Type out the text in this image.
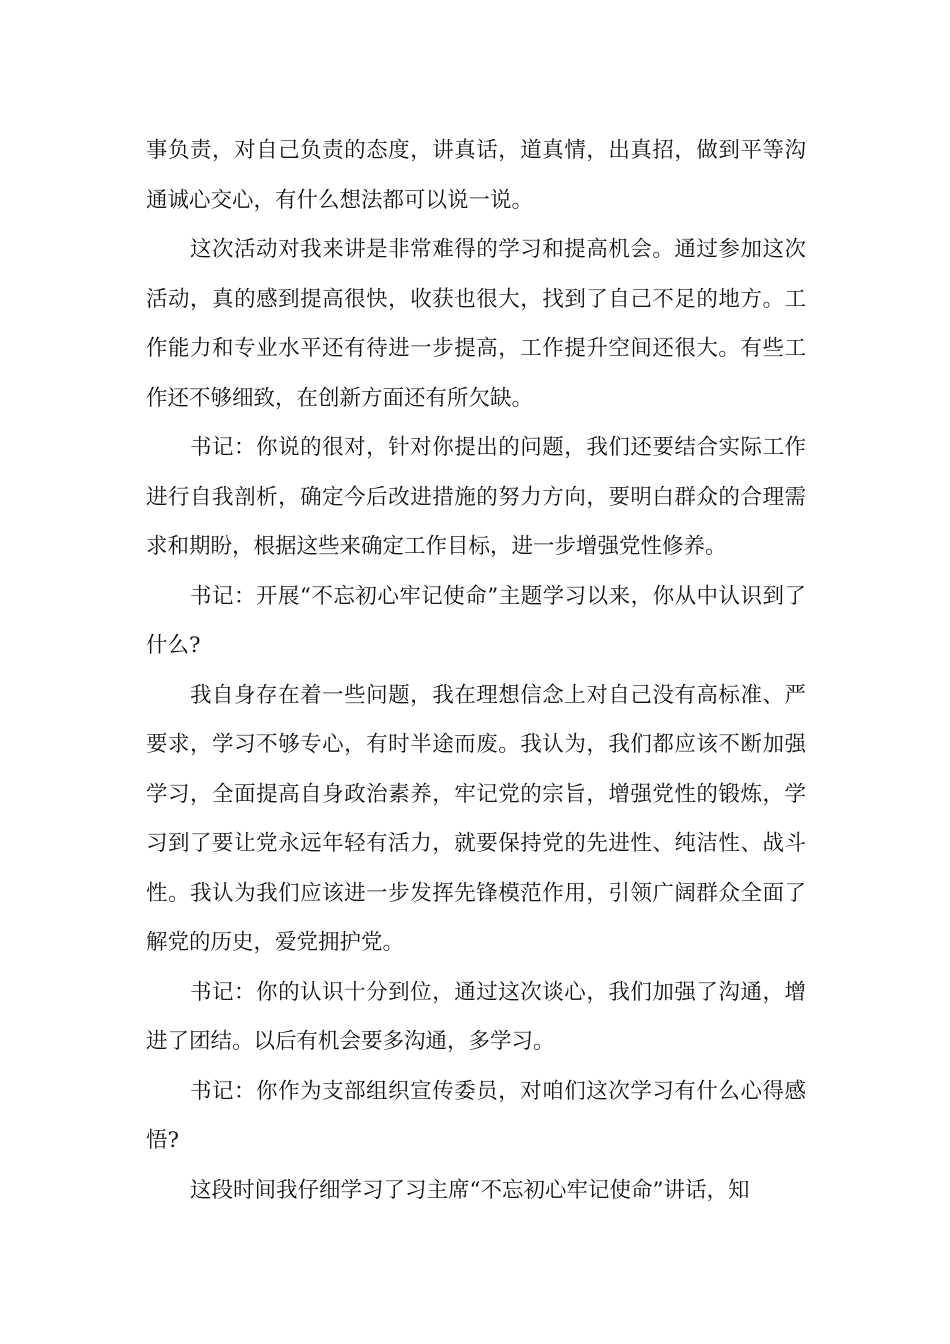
事负责，对自己负责的态度，讲真话，道真情，出真招，做到平等沟通诚心交心，有什么想法都可以说一说。

这次活动对我来讲是非常难得的学习和提高机会。通过参加这次活动，真的感到提高很快，收获也很大，找到了自己不足的地方。工作能力和专业水平还有待进一步提高，工作提升空间还很大。有些工作还不够细致，在创新方面还有所欠缺。

书记：你说的很对，针对你提出的问题，我们还要结合实际工作进行自我剖析，确定今后改进措施的努力方向，要明白群众的合理需求和期盼，根据这些来确定工作目标，进一步增强党性修养。

书记：开展“不忘初心牢记使命”主题学习以来，你从中认识到了什么?

我自身存在着一些问题，我在理想信念上对自己没有高标准、严要求，学习不够专心，有时半途而废。我认为，我们都应该不断加强学习，全面提高自身政治素养，牢记党的宗旨，增强党性的锻炼，学习到了要让党永远年轻有活力，就要保持党的先进性、纯洁性、战斗性。我认为我们应该进一步发挥先锋模范作用，引领广阔群众全面了解党的历史，爱党拥护党。

书记：你的认识十分到位，通过这次谈心，我们加强了沟通，增进了团结。以后有机会要多沟通，多学习。

书记：你作为支部组织宣传委员，对咱们这次学习有什么心得感悟?

这段时间我仔细学习了习主席“不忘初心牢记使命”讲话，知
